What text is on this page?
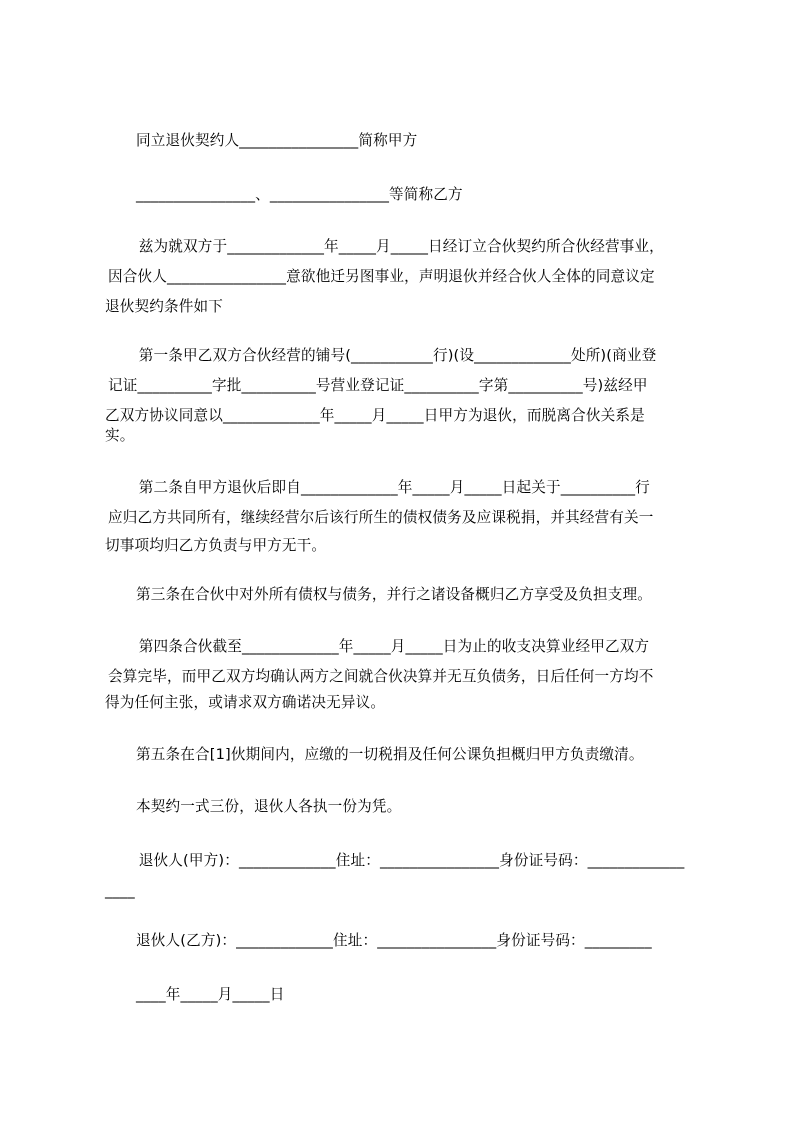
同立退伙契约人________________简称甲方
________________、________________等简称乙方
兹为就双方于_____________年_____月_____日经订立合伙契约所合伙经营事业，
因合伙人________________意欲他迁另图事业，声明退伙并经合伙人全体的同意议定
退伙契约条件如下
第一条甲乙双方合伙经营的铺号(___________行)(设_____________处所)(商业登
记证__________字批__________号营业登记证__________字第__________号)兹经甲
乙双方协议同意以_____________年_____月_____日甲方为退伙，而脱离合伙关系是
实。
第二条自甲方退伙后即自_____________年_____月_____日起关于__________行
应归乙方共同所有，继续经营尔后该行所生的债权债务及应课税捐，并其经营有关一
切事项均归乙方负责与甲方无干。
第三条在合伙中对外所有债权与债务，并行之诸设备概归乙方享受及负担支理。
第四条合伙截至_____________年_____月_____日为止的收支决算业经甲乙双方
会算完毕，而甲乙双方均确认两方之间就合伙决算并无互负债务，日后任何一方均不
得为任何主张，或请求双方确诺决无异议。
第五条在合[1]伙期间内，应缴的一切税捐及任何公课负担概归甲方负责缴清。
本契约一式三份，退伙人各执一份为凭。
退伙人(甲方)：_____________住址：________________身份证号码：_____________
____
退伙人(乙方)：_____________住址：________________身份证号码：_________
____年_____月_____日
